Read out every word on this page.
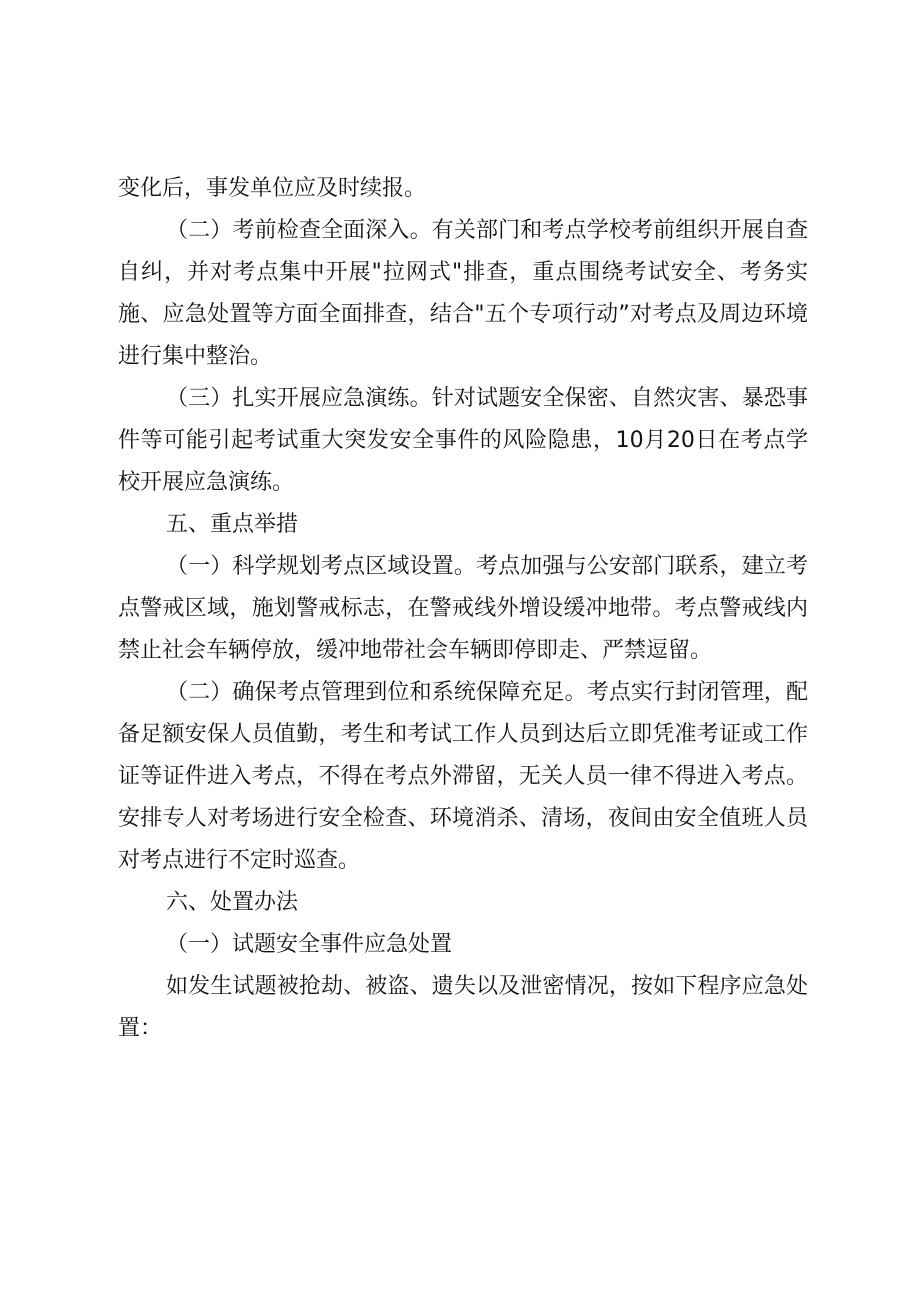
变化后，事发单位应及时续报。

（二）考前检查全面深入。有关部门和考点学校考前组织开展自查自纠，并对考点集中开展"拉网式"排查，重点围绕考试安全、考务实施、应急处置等方面全面排查，结合"五个专项行动”对考点及周边环境进行集中整治。

（三）扎实开展应急演练。针对试题安全保密、自然灾害、暴恐事件等可能引起考试重大突发安全事件的风险隐患，10月20日在考点学校开展应急演练。

五、重点举措

（一）科学规划考点区域设置。考点加强与公安部门联系，建立考点警戒区域，施划警戒标志，在警戒线外增设缓冲地带。考点警戒线内禁止社会车辆停放，缓冲地带社会车辆即停即走、严禁逗留。

（二）确保考点管理到位和系统保障充足。考点实行封闭管理，配备足额安保人员值勤，考生和考试工作人员到达后立即凭准考证或工作证等证件进入考点，不得在考点外滞留，无关人员一律不得进入考点。安排专人对考场进行安全检查、环境消杀、清场，夜间由安全值班人员对考点进行不定时巡查。

六、处置办法

（一）试题安全事件应急处置

如发生试题被抢劫、被盗、遗失以及泄密情况，按如下程序应急处置：
